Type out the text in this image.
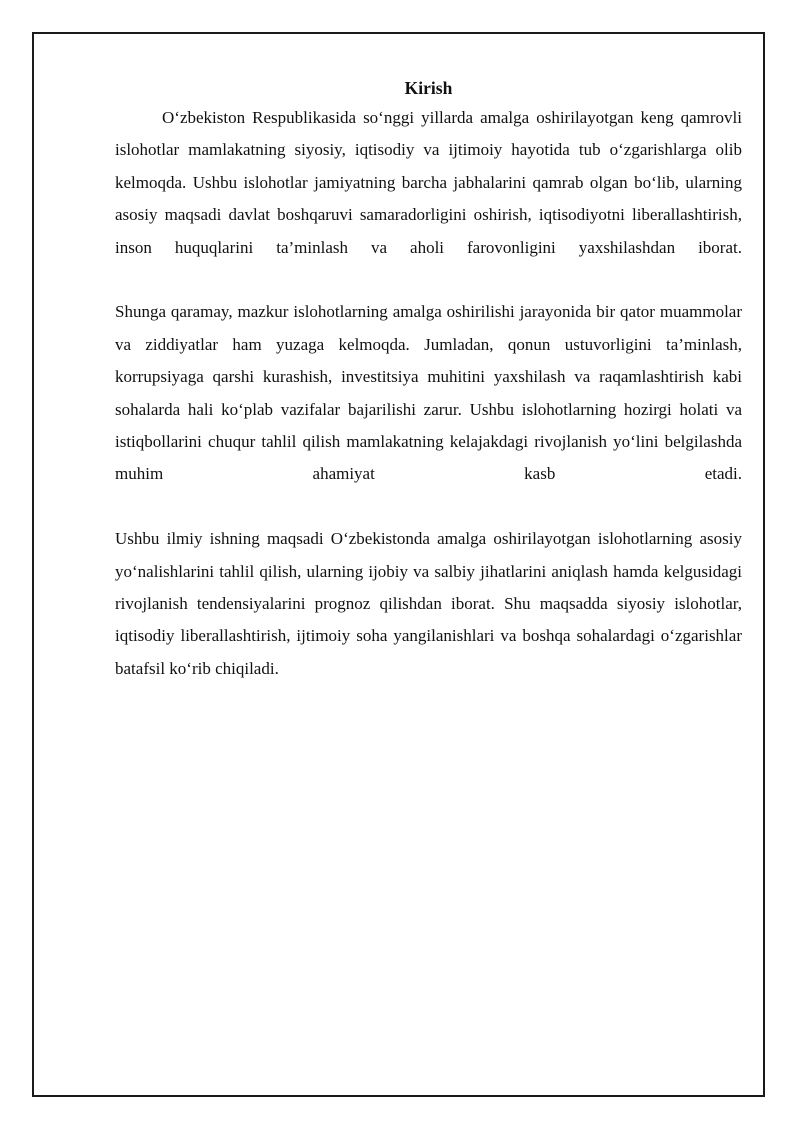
Kirish

O‘zbekiston Respublikasida so‘nggi yillarda amalga oshirilayotgan keng qamrovli islohotlar mamlakatning siyosiy, iqtisodiy va ijtimoiy hayotida tub o‘zgarishlarga olib kelmoqda. Ushbu islohotlar jamiyatning barcha jabhalarini qamrab olgan bo‘lib, ularning asosiy maqsadi davlat boshqaruvi samaradorligini oshirish, iqtisodiyotni liberallashtirish, inson huquqlarini ta’minlash va aholi farovonligini yaxshilashdan iborat.

Shunga qaramay, mazkur islohotlarning amalga oshirilishi jarayonida bir qator muammolar va ziddiyatlar ham yuzaga kelmoqda. Jumladan, qonun ustuvorligini ta’minlash, korrupsiyaga qarshi kurashish, investitsiya muhitini yaxshilash va raqamlashtirish kabi sohalarda hali ko‘plab vazifalar bajarilishi zarur. Ushbu islohotlarning hozirgi holati va istiqbollarini chuqur tahlil qilish mamlakatning kelajakdagi rivojlanish yo‘lini belgilashda muhim ahamiyat kasb etadi.

Ushbu ilmiy ishning maqsadi O‘zbekistonda amalga oshirilayotgan islohotlarning asosiy yo‘nalishlarini tahlil qilish, ularning ijobiy va salbiy jihatlarini aniqlash hamda kelgusidagi rivojlanish tendensiyalarini prognoz qilishdan iborat. Shu maqsadda siyosiy islohotlar, iqtisodiy liberallashtirish, ijtimoiy soha yangilanishlari va boshqa sohalardagi o‘zgarishlar batafsil ko‘rib chiqiladi.
